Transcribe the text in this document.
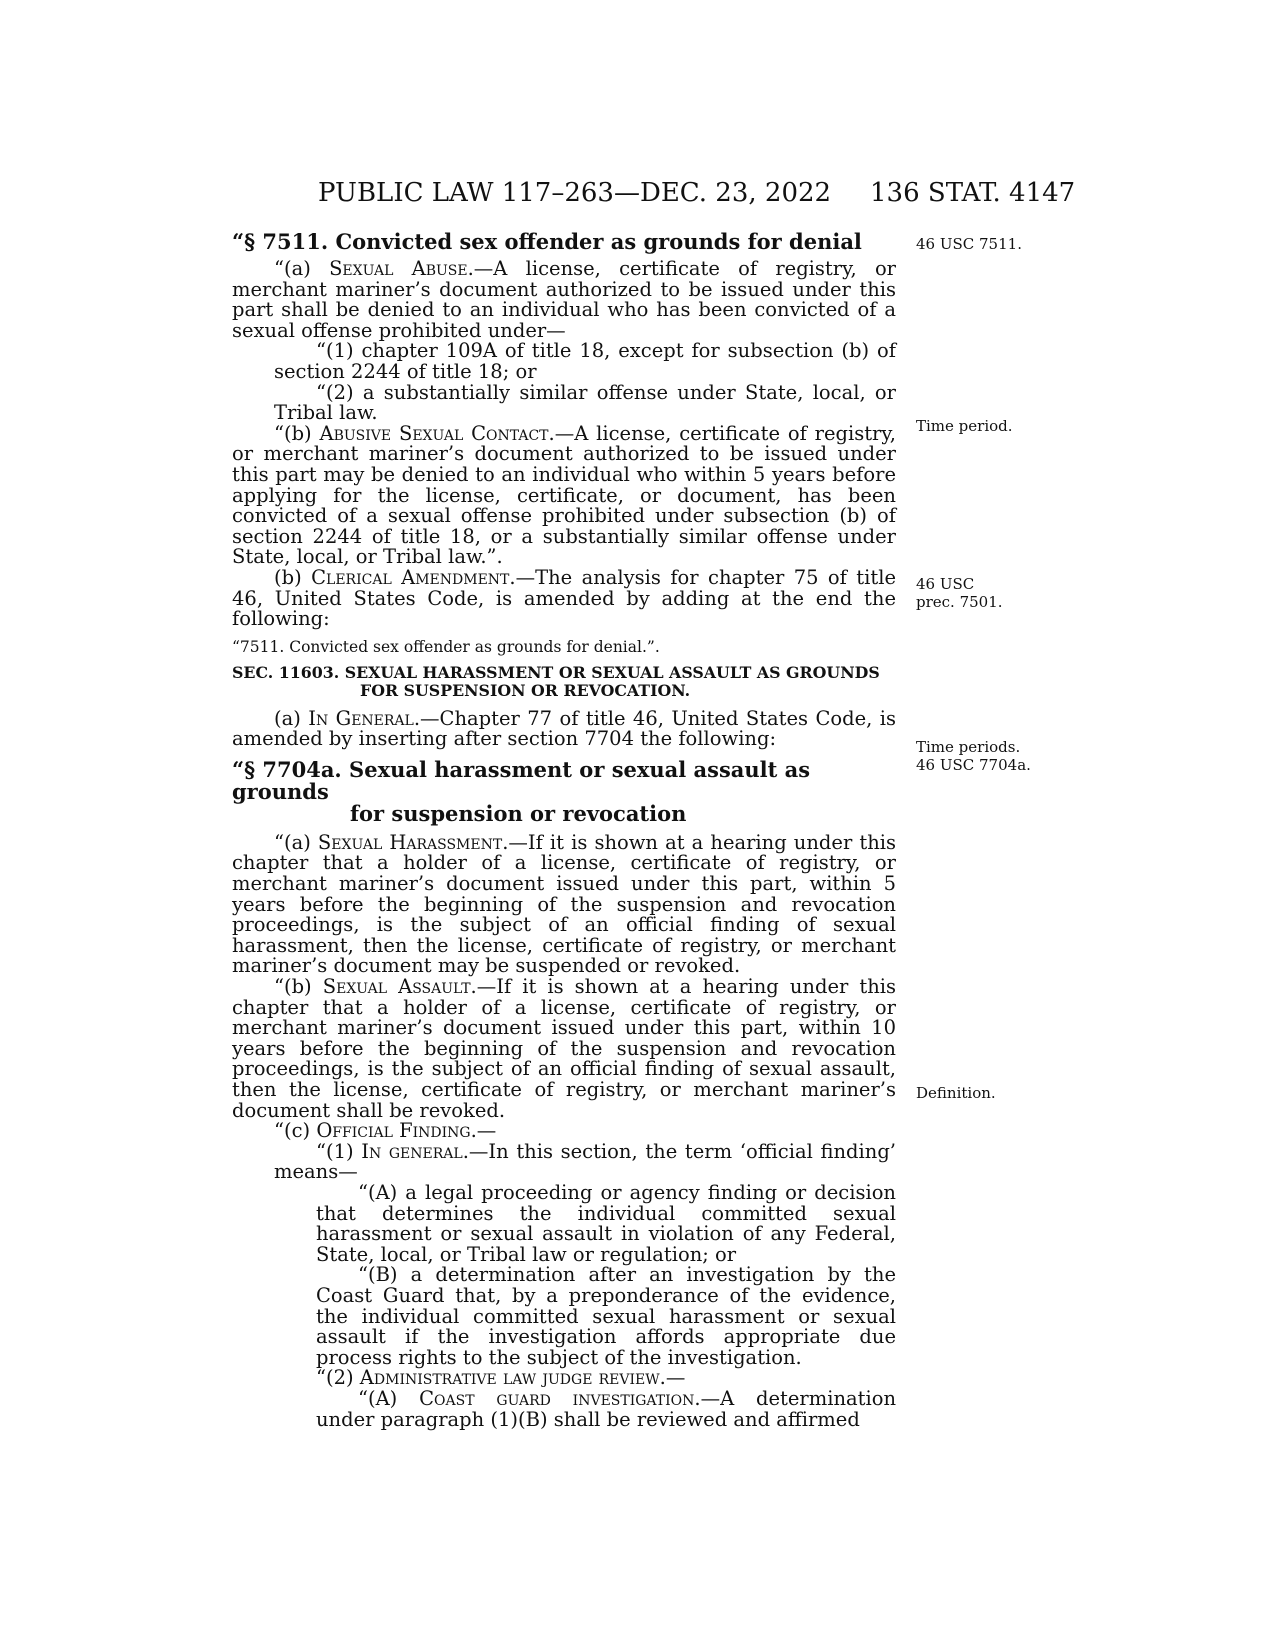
PUBLIC LAW 117–263—DEC. 23, 2022 136 STAT. 4147

“§ 7511. Convicted sex offender as grounds for denial

“(a) Sexual Abuse.—A license, certificate of registry, or merchant mariner’s document authorized to be issued under this part shall be denied to an individual who has been convicted of a sexual offense prohibited under—

“(1) chapter 109A of title 18, except for subsection (b) of section 2244 of title 18; or

“(2) a substantially similar offense under State, local, or Tribal law.

“(b) Abusive Sexual Contact.—A license, certificate of registry, or merchant mariner’s document authorized to be issued under this part may be denied to an individual who within 5 years before applying for the license, certificate, or document, has been convicted of a sexual offense prohibited under subsection (b) of section 2244 of title 18, or a substantially similar offense under State, local, or Tribal law.”.

(b) Clerical Amendment.—The analysis for chapter 75 of title 46, United States Code, is amended by adding at the end the following:

“7511. Convicted sex offender as grounds for denial.”.

SEC. 11603. SEXUAL HARASSMENT OR SEXUAL ASSAULT AS GROUNDS
FOR SUSPENSION OR REVOCATION.

(a) In General.—Chapter 77 of title 46, United States Code, is amended by inserting after section 7704 the following:

“§ 7704a. Sexual harassment or sexual assault as grounds
for suspension or revocation

“(a) Sexual Harassment.—If it is shown at a hearing under this chapter that a holder of a license, certificate of registry, or merchant mariner’s document issued under this part, within 5 years before the beginning of the suspension and revocation proceedings, is the subject of an official finding of sexual harassment, then the license, certificate of registry, or merchant mariner’s document may be suspended or revoked.

“(b) Sexual Assault.—If it is shown at a hearing under this chapter that a holder of a license, certificate of registry, or merchant mariner’s document issued under this part, within 10 years before the beginning of the suspension and revocation proceedings, is the subject of an official finding of sexual assault, then the license, certificate of registry, or merchant mariner’s document shall be revoked.

“(c) Official Finding.—

“(1) In general.—In this section, the term ‘official finding’ means—

“(A) a legal proceeding or agency finding or decision that determines the individual committed sexual harassment or sexual assault in violation of any Federal, State, local, or Tribal law or regulation; or

“(B) a determination after an investigation by the Coast Guard that, by a preponderance of the evidence, the individual committed sexual harassment or sexual assault if the investigation affords appropriate due process rights to the subject of the investigation.

“(2) Administrative law judge review.—

“(A) Coast guard investigation.—A determination under paragraph (1)(B) shall be reviewed and affirmed

46 USC 7511.
Time period.
46 USC
prec. 7501.
Time periods.
46 USC 7704a.
Definition.
